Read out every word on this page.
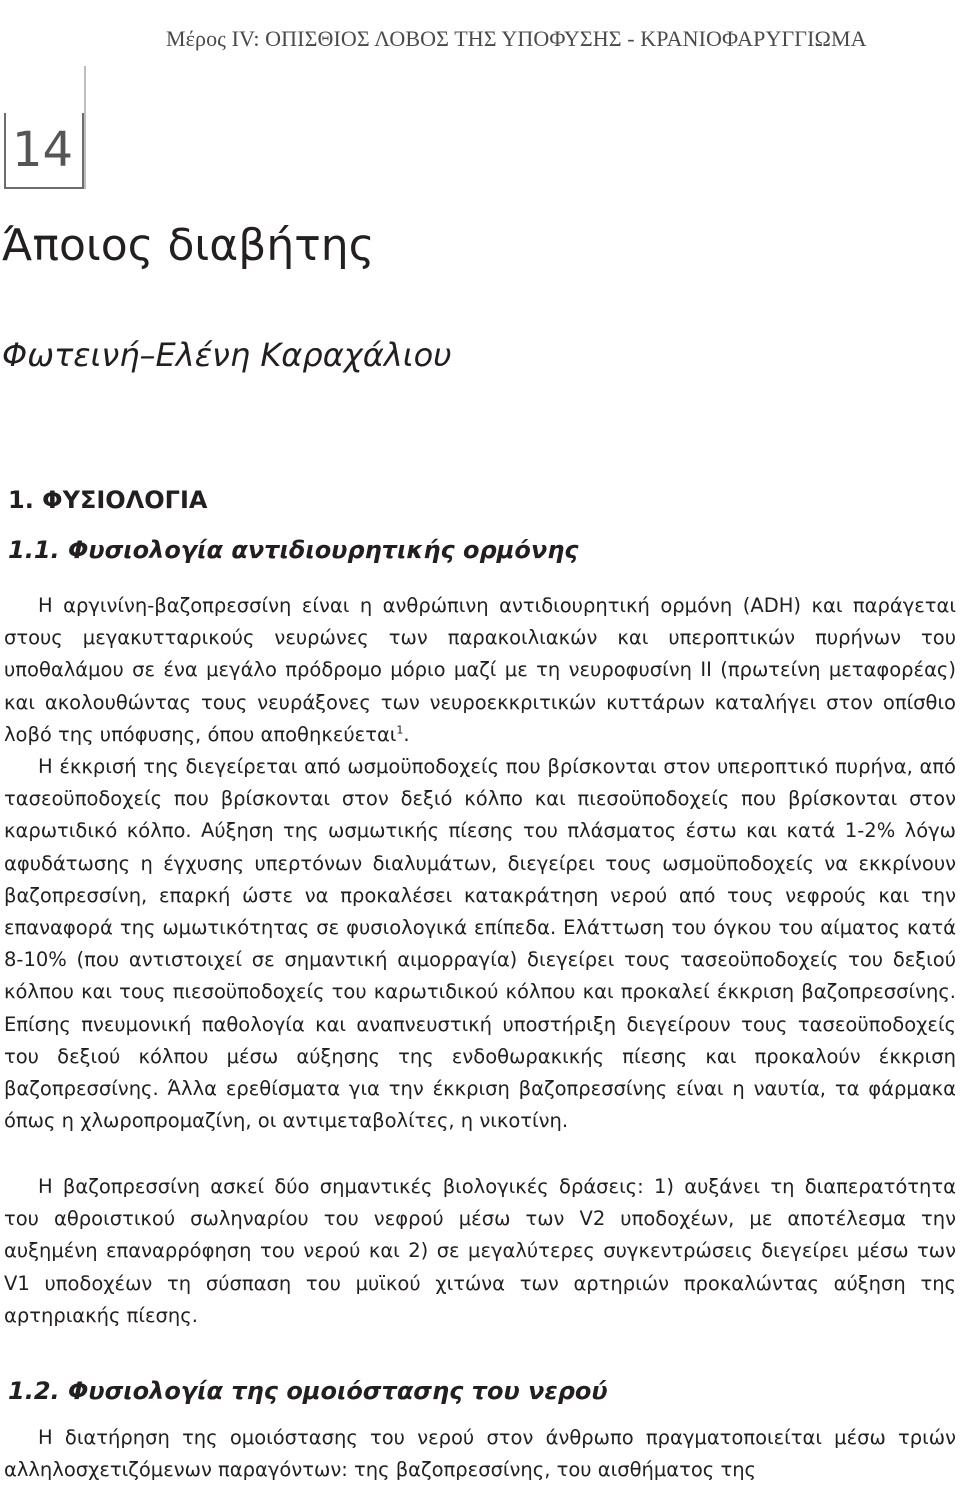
Μέρος IV: ΟΠΙΣΘΙΟΣ ΛΟΒΟΣ ΤΗΣ ΥΠΟΦΥΣΗΣ - ΚΡΑΝΙΟΦΑΡΥΓΓΙΩΜΑ
14
Άποιος διαβήτης
Φωτεινή–Ελένη Καραχάλιου
1. ΦΥΣΙΟΛΟΓΙΑ
1.1. Φυσιολογία αντιδιουρητικής ορμόνης

Η αργινίνη-βαζοπρεσσίνη είναι η ανθρώπινη αντιδιουρητική ορμόνη (ADH) και παράγεται στους μεγακυτταρικούς νευρώνες των παρακοιλιακών και υπεροπτικών πυρήνων του υποθαλάμου σε ένα μεγάλο πρόδρομο μόριο μαζί με τη νευροφυσίνη II (πρωτείνη μεταφορέας) και ακολουθώντας τους νευράξονες των νευροεκκριτικών κυττάρων καταλήγει στον οπίσθιο λοβό της υπόφυσης, όπου αποθηκεύεται$^1$.

Η έκκρισή της διεγείρεται από ωσμοϋποδοχείς που βρίσκονται στον υπεροπτικό πυρήνα, από τασεοϋποδοχείς που βρίσκονται στον δεξιό κόλπο και πιεσοϋποδοχείς που βρίσκονται στον καρωτιδικό κόλπο. Αύξηση της ωσμωτικής πίεσης του πλάσματος έστω και κατά 1-2% λόγω αφυδάτωσης η έγχυσης υπερτόνων διαλυμάτων, διεγείρει τους ωσμοϋποδοχείς να εκκρίνουν βαζοπρεσσίνη, επαρκή ώστε να προκαλέσει κατακράτηση νερού από τους νεφρούς και την επαναφορά της ωμωτικότητας σε φυσιολογικά επίπεδα. Ελάττωση του όγκου του αίματος κατά 8-10% (που αντιστοιχεί σε σημαντική αιμορραγία) διεγείρει τους τασεοϋποδοχείς του δεξιού κόλπου και τους πιεσοϋποδοχείς του καρωτιδικού κόλπου και προκαλεί έκκριση βαζοπρεσσίνης. Επίσης πνευμονική παθολογία και αναπνευστική υποστήριξη διεγείρουν τους τασεοϋποδοχείς του δεξιού κόλπου μέσω αύξησης της ενδοθωρακικής πίεσης και προκαλούν έκκριση βαζοπρεσσίνης. Άλλα ερεθίσματα για την έκκριση βαζοπρεσσίνης είναι η ναυτία, τα φάρμακα όπως η χλωροπρομαζίνη, οι αντιμεταβολίτες, η νικοτίνη.

Η βαζοπρεσσίνη ασκεί δύο σημαντικές βιολογικές δράσεις: 1) αυξάνει τη διαπερατότητα του αθροιστικού σωληναρίου του νεφρού μέσω των V2 υποδοχέων, με αποτέλεσμα την αυξημένη επαναρρόφηση του νερού και 2) σε μεγαλύτερες συγκεντρώσεις διεγείρει μέσω των V1 υποδοχέων τη σύσπαση του μυϊκού χιτώνα των αρτηριών προκαλώντας αύξηση της αρτηριακής πίεσης.

1.2. Φυσιολογία της ομοιόστασης του νερού

Η διατήρηση της ομοιόστασης του νερού στον άνθρωπο πραγματοποιείται μέσω τριών αλληλοσχετιζόμενων παραγόντων: της βαζοπρεσσίνης, του αισθήματος της
